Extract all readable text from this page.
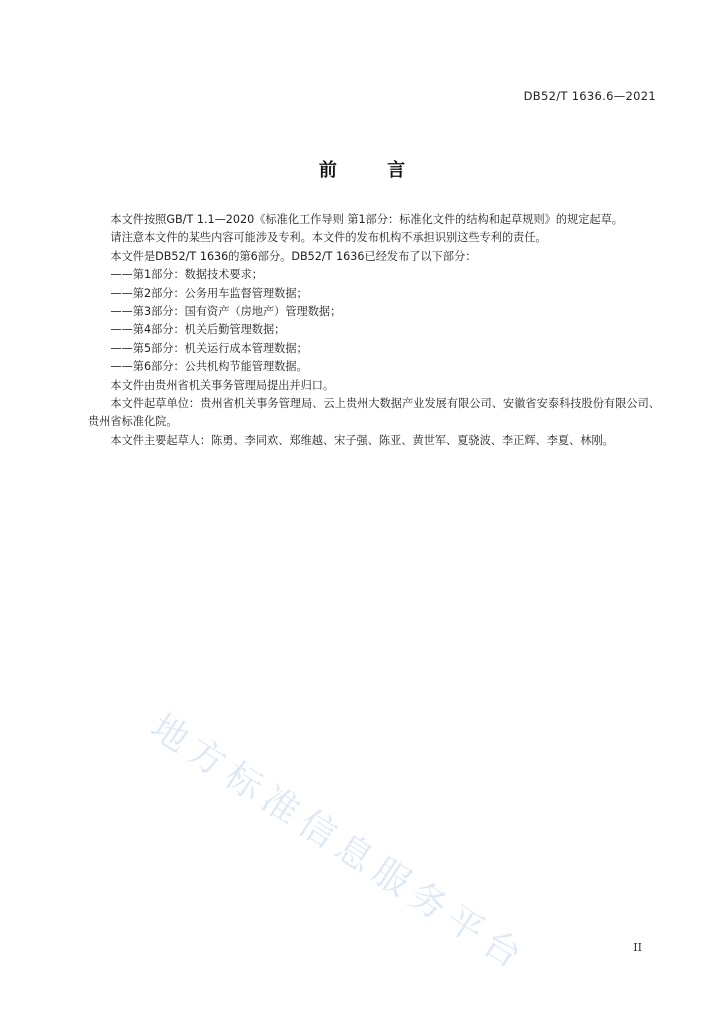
DB52/T 1636.6—2021
前 言

本文件按照GB/T 1.1—2020《标准化工作导则 第1部分：标准化文件的结构和起草规则》的规定起草。

请注意本文件的某些内容可能涉及专利。本文件的发布机构不承担识别这些专利的责任。

本文件是DB52/T 1636的第6部分。DB52/T 1636已经发布了以下部分：

——第1部分：数据技术要求；

——第2部分：公务用车监督管理数据；

——第3部分：国有资产（房地产）管理数据；

——第4部分：机关后勤管理数据；

——第5部分：机关运行成本管理数据；

——第6部分：公共机构节能管理数据。

本文件由贵州省机关事务管理局提出并归口。

本文件起草单位：贵州省机关事务管理局、云上贵州大数据产业发展有限公司、安徽省安泰科技股份有限公司、贵州省标准化院。

本文件主要起草人：陈勇、李同欢、郑维越、宋子强、陈亚、黄世军、夏骁波、李正辉、李夏、林刚。

地方标准信息服务平台	II
